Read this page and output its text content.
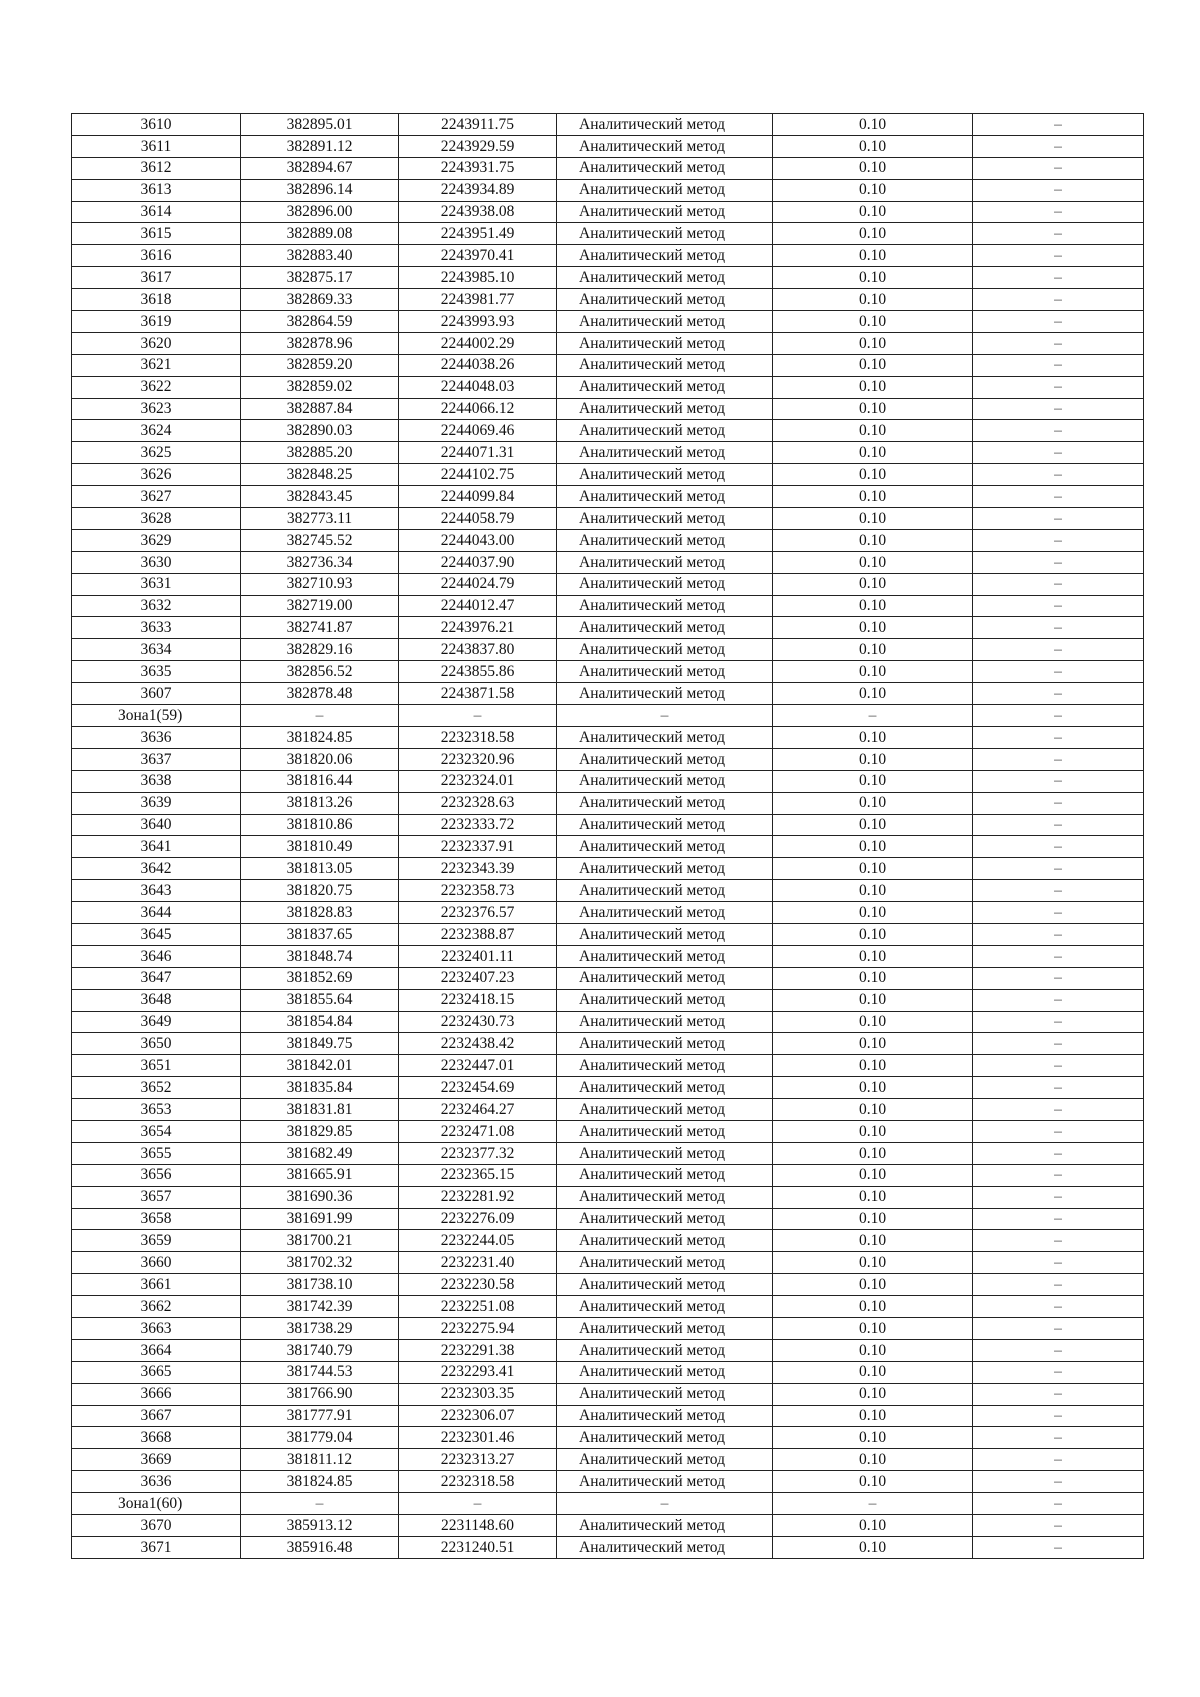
3610	382895.01	2243911.75	Аналитический метод	0.10	–
3611	382891.12	2243929.59	Аналитический метод	0.10	–
3612	382894.67	2243931.75	Аналитический метод	0.10	–
3613	382896.14	2243934.89	Аналитический метод	0.10	–
3614	382896.00	2243938.08	Аналитический метод	0.10	–
3615	382889.08	2243951.49	Аналитический метод	0.10	–
3616	382883.40	2243970.41	Аналитический метод	0.10	–
3617	382875.17	2243985.10	Аналитический метод	0.10	–
3618	382869.33	2243981.77	Аналитический метод	0.10	–
3619	382864.59	2243993.93	Аналитический метод	0.10	–
3620	382878.96	2244002.29	Аналитический метод	0.10	–
3621	382859.20	2244038.26	Аналитический метод	0.10	–
3622	382859.02	2244048.03	Аналитический метод	0.10	–
3623	382887.84	2244066.12	Аналитический метод	0.10	–
3624	382890.03	2244069.46	Аналитический метод	0.10	–
3625	382885.20	2244071.31	Аналитический метод	0.10	–
3626	382848.25	2244102.75	Аналитический метод	0.10	–
3627	382843.45	2244099.84	Аналитический метод	0.10	–
3628	382773.11	2244058.79	Аналитический метод	0.10	–
3629	382745.52	2244043.00	Аналитический метод	0.10	–
3630	382736.34	2244037.90	Аналитический метод	0.10	–
3631	382710.93	2244024.79	Аналитический метод	0.10	–
3632	382719.00	2244012.47	Аналитический метод	0.10	–
3633	382741.87	2243976.21	Аналитический метод	0.10	–
3634	382829.16	2243837.80	Аналитический метод	0.10	–
3635	382856.52	2243855.86	Аналитический метод	0.10	–
3607	382878.48	2243871.58	Аналитический метод	0.10	–
Зона1(59)	–	–	–	–	–
3636	381824.85	2232318.58	Аналитический метод	0.10	–
3637	381820.06	2232320.96	Аналитический метод	0.10	–
3638	381816.44	2232324.01	Аналитический метод	0.10	–
3639	381813.26	2232328.63	Аналитический метод	0.10	–
3640	381810.86	2232333.72	Аналитический метод	0.10	–
3641	381810.49	2232337.91	Аналитический метод	0.10	–
3642	381813.05	2232343.39	Аналитический метод	0.10	–
3643	381820.75	2232358.73	Аналитический метод	0.10	–
3644	381828.83	2232376.57	Аналитический метод	0.10	–
3645	381837.65	2232388.87	Аналитический метод	0.10	–
3646	381848.74	2232401.11	Аналитический метод	0.10	–
3647	381852.69	2232407.23	Аналитический метод	0.10	–
3648	381855.64	2232418.15	Аналитический метод	0.10	–
3649	381854.84	2232430.73	Аналитический метод	0.10	–
3650	381849.75	2232438.42	Аналитический метод	0.10	–
3651	381842.01	2232447.01	Аналитический метод	0.10	–
3652	381835.84	2232454.69	Аналитический метод	0.10	–
3653	381831.81	2232464.27	Аналитический метод	0.10	–
3654	381829.85	2232471.08	Аналитический метод	0.10	–
3655	381682.49	2232377.32	Аналитический метод	0.10	–
3656	381665.91	2232365.15	Аналитический метод	0.10	–
3657	381690.36	2232281.92	Аналитический метод	0.10	–
3658	381691.99	2232276.09	Аналитический метод	0.10	–
3659	381700.21	2232244.05	Аналитический метод	0.10	–
3660	381702.32	2232231.40	Аналитический метод	0.10	–
3661	381738.10	2232230.58	Аналитический метод	0.10	–
3662	381742.39	2232251.08	Аналитический метод	0.10	–
3663	381738.29	2232275.94	Аналитический метод	0.10	–
3664	381740.79	2232291.38	Аналитический метод	0.10	–
3665	381744.53	2232293.41	Аналитический метод	0.10	–
3666	381766.90	2232303.35	Аналитический метод	0.10	–
3667	381777.91	2232306.07	Аналитический метод	0.10	–
3668	381779.04	2232301.46	Аналитический метод	0.10	–
3669	381811.12	2232313.27	Аналитический метод	0.10	–
3636	381824.85	2232318.58	Аналитический метод	0.10	–
Зона1(60)	–	–	–	–	–
3670	385913.12	2231148.60	Аналитический метод	0.10	–
3671	385916.48	2231240.51	Аналитический метод	0.10	–
